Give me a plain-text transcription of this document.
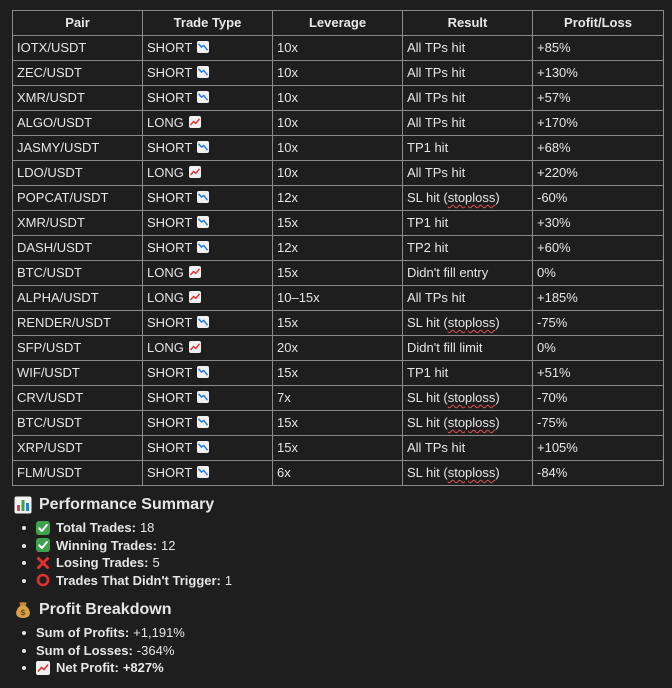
Pair	Trade Type	Leverage	Result	Profit/Loss
IOTX/USDT	SHORT	10x	All TPs hit	+85%
ZEC/USDT	SHORT	10x	All TPs hit	+130%
XMR/USDT	SHORT	10x	All TPs hit	+57%
ALGO/USDT	LONG	10x	All TPs hit	+170%
JASMY/USDT	SHORT	10x	TP1 hit	+68%
LDO/USDT	LONG	10x	All TPs hit	+220%
POPCAT/USDT	SHORT	12x	SL hit (stoploss)	-60%
XMR/USDT	SHORT	15x	TP1 hit	+30%
DASH/USDT	SHORT	12x	TP2 hit	+60%
BTC/USDT	LONG	15x	Didn't fill entry	0%
ALPHA/USDT	LONG	10–15x	All TPs hit	+185%
RENDER/USDT	SHORT	15x	SL hit (stoploss)	-75%
SFP/USDT	LONG	20x	Didn't fill limit	0%
WIF/USDT	SHORT	15x	TP1 hit	+51%
CRV/USDT	SHORT	7x	SL hit (stoploss)	-70%
BTC/USDT	SHORT	15x	SL hit (stoploss)	-75%
XRP/USDT	SHORT	15x	All TPs hit	+105%
FLM/USDT	SHORT	6x	SL hit (stoploss)	-84%
Performance Summary
Total Trades: 18
Winning Trades: 12
Losing Trades: 5
Trades That Didn't Trigger: 1
$ Profit Breakdown
Sum of Profits: +1,191%
Sum of Losses: -364%
Net Profit: +827%
